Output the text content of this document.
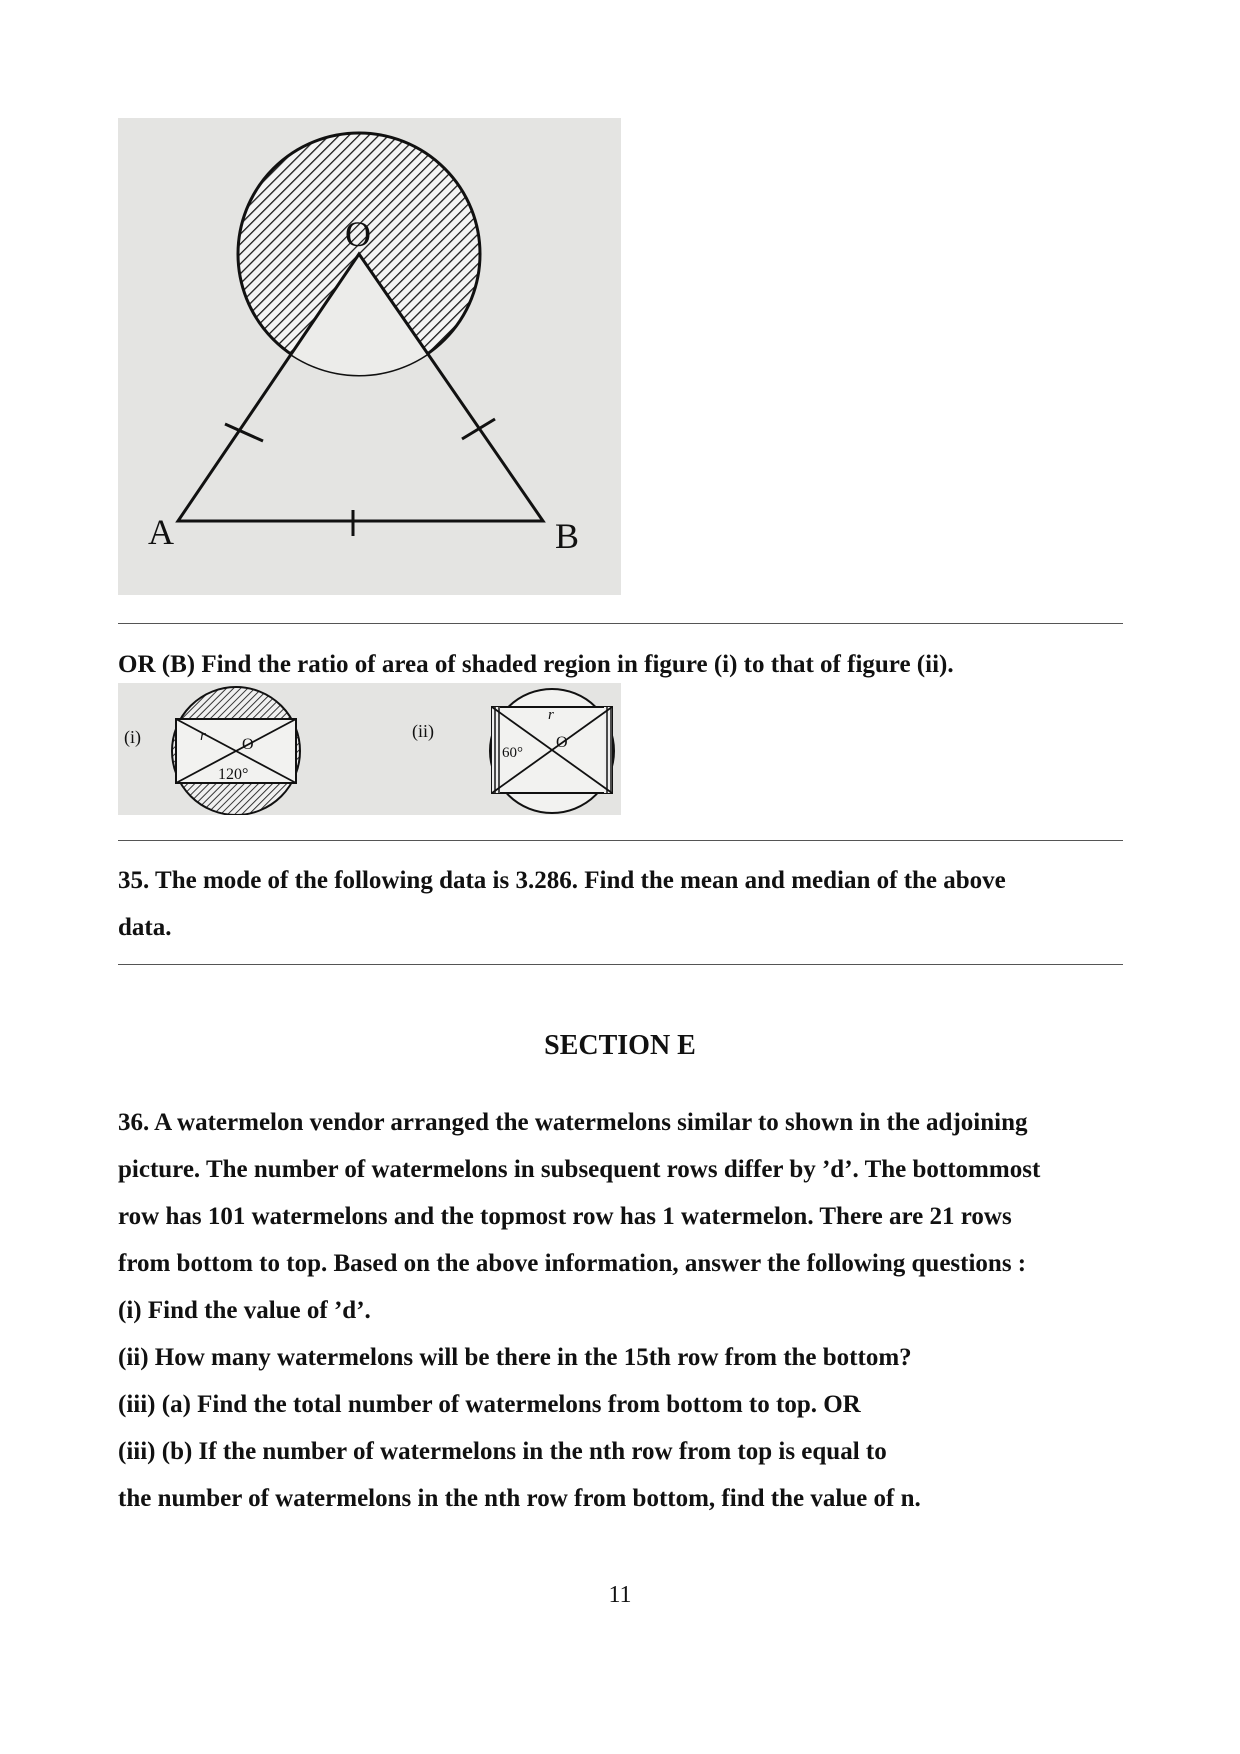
O
A	B
OR (B) Find the ratio of area of shaded region in figure (i) to that of figure (ii).
(i)	O
r
120°
(ii)
O
r
60°
35. The mode of the following data is 3.286. Find the mean and median of the above
data.
SECTION E
36. A watermelon vendor arranged the watermelons similar to shown in the adjoining
picture. The number of watermelons in subsequent rows differ by ’d’. The bottommost
row has 101 watermelons and the topmost row has 1 watermelon. There are 21 rows
from bottom to top. Based on the above information, answer the following questions :
(i) Find the value of ’d’.
(ii) How many watermelons will be there in the 15th row from the bottom?
(iii) (a) Find the total number of watermelons from bottom to top. OR
(iii) (b) If the number of watermelons in the nth row from top is equal to
the number of watermelons in the nth row from bottom, find the value of n.
11
